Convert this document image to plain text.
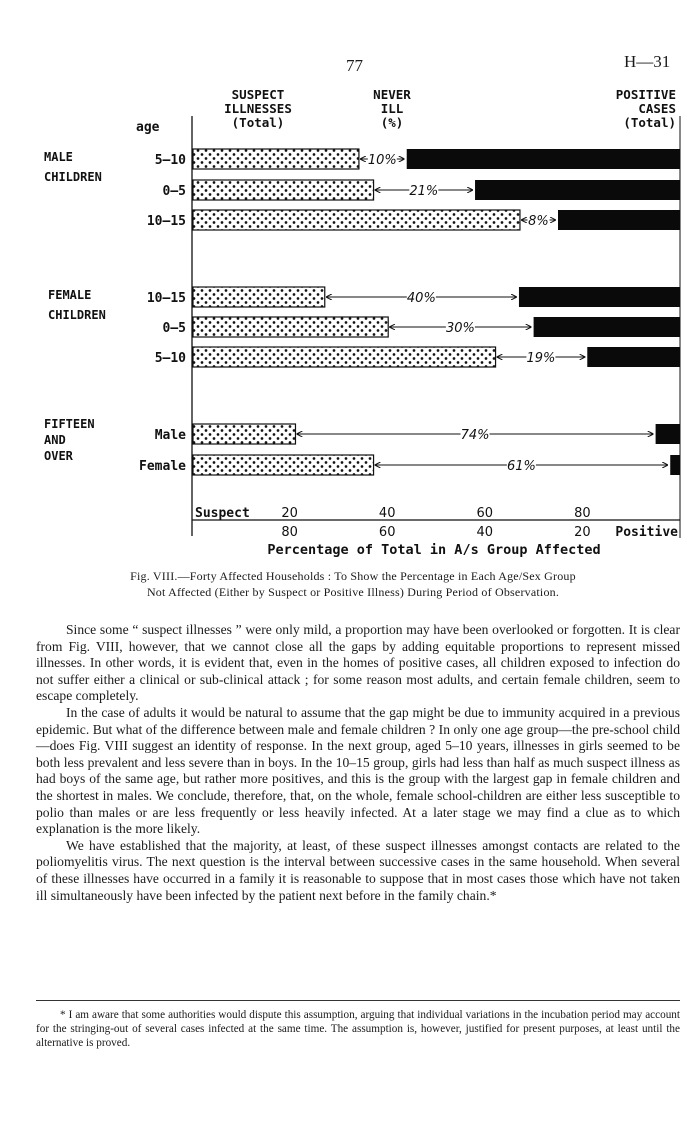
77	H—31
SUSPECT
ILLNESSES
(Total)
NEVER
ILL
(%)
POSITIVE
CASES
(Total)
age
MALE
CHILDREN
5–10	10%
0–5	21%
10–15	8%
FEMALE
CHILDREN
10–15	40%
0–5	30%
5–10	19%
FIFTEEN
AND
OVER
Male	74%
Female	61%
Suspect 20	40	60	80
80	60	40	20 Positive
Percentage of Total in A/s Group Affected
Fig. VIII.—Forty Affected Households : To Show the Percentage in Each Age/Sex Group
Not Affected (Either by Suspect or Positive Illness) During Period of Observation.

Since some “ suspect illnesses ” were only mild, a proportion may have been overlooked or forgotten. It is clear from Fig. VIII, however, that we cannot close all the gaps by adding equitable proportions to represent missed illnesses. In other words, it is evident that, even in the homes of positive cases, all children exposed to infection do not suffer either a clinical or sub-clinical attack ; for some reason most adults, and certain female children, seem to escape completely.

In the case of adults it would be natural to assume that the gap might be due to immunity acquired in a previous epidemic. But what of the difference between male and female children ? In only one age group—the pre-school child—does Fig. VIII suggest an identity of response. In the next group, aged 5–10 years, illnesses in girls seemed to be both less prevalent and less severe than in boys. In the 10–15 group, girls had less than half as much suspect illness as had boys of the same age, but rather more positives, and this is the group with the largest gap in female children and the shortest in males. We conclude, therefore, that, on the whole, female school-children are either less susceptible to polio than males or are less frequently or less heavily infected. At a later stage we may find a clue as to which explanation is the more likely.

We have established that the majority, at least, of these suspect illnesses amongst contacts are related to the poliomyelitis virus. The next question is the interval between successive cases in the same household. When several of these illnesses have occurred in a family it is reasonable to suppose that in most cases those which have not taken ill simultaneously have been infected by the patient next before in the family chain.*

* I am aware that some authorities would dispute this assumption, arguing that individual variations in the incubation period may account for the stringing-out of several cases infected at the same time. The assumption is, however, justified for present purposes, at least until the alternative is proved.
